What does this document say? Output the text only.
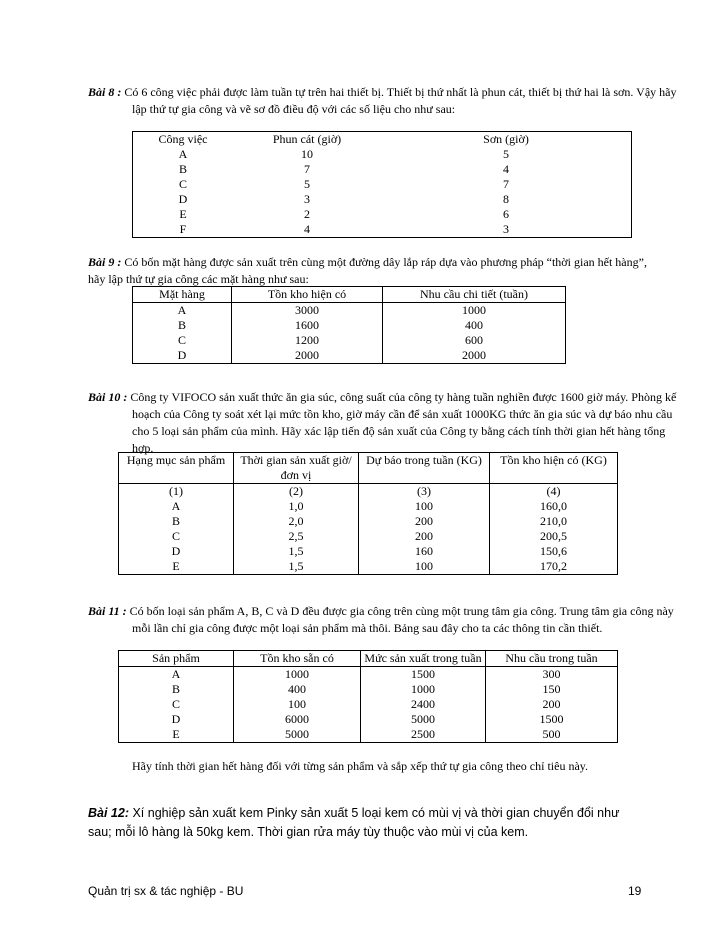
Bài 8 : Có 6 công việc phải được làm tuần tự trên hai thiết bị. Thiết bị thứ nhất là phun cát, thiết bị thứ hai là sơn. Vậy hãy lập thứ tự gia công và vẽ sơ đồ điều độ với các số liệu cho như sau:

Công việc	Phun cát (giờ)	Sơn (giờ)
A	10	5
B	7	4
C	5	7
D	3	8
E	2	6
F	4	3

Bài 9 : Có bốn mặt hàng được sản xuất trên cùng một đường dây lắp ráp dựa vào phương pháp “thời gian hết hàng”, hãy lập thứ tự gia công các mặt hàng như sau:

Mặt hàng	Tồn kho hiện có	Nhu cầu chi tiết (tuần)
A	3000	1000
B	1600	400
C	1200	600
D	2000	2000

Bài 10 : Công ty VIFOCO sản xuất thức ăn gia súc, công suất của công ty hàng tuần nghiền được 1600 giờ máy. Phòng kế hoạch của Công ty soát xét lại mức tồn kho, giờ máy cần để sản xuất 1000KG thức ăn gia súc và dự báo nhu cầu cho 5 loại sản phẩm của mình. Hãy xác lập tiến độ sản xuất của Công ty bằng cách tính thời gian hết hàng tổng hợp.

Hạng mục sản phẩm	Thời gian sản xuất giờ/đơn vị	Dự báo trong tuần (KG)	Tồn kho hiện có (KG)
(1)	(2)	(3)	(4)
A	1,0	100	160,0
B	2,0	200	210,0
C	2,5	200	200,5
D	1,5	160	150,6
E	1,5	100	170,2

Bài 11 : Có bốn loại sản phẩm A, B, C và D đều được gia công trên cùng một trung tâm gia công. Trung tâm gia công này mỗi lần chỉ gia công được một loại sản phẩm mà thôi. Bảng sau đây cho ta các thông tin cần thiết.

Sản phẩm	Tồn kho sẵn có	Mức sản xuất trong tuần	Nhu cầu trong tuần
A	1000	1500	300
B	400	1000	150
C	100	2400	200
D	6000	5000	1500
E	5000	2500	500

Hãy tính thời gian hết hàng đối với từng sản phẩm và sắp xếp thứ tự gia công theo chỉ tiêu này.

Bài 12: Xí nghiệp sản xuất kem Pinky sản xuất 5 loại kem có mùi vị và thời gian chuyển đổi như sau; mỗi lô hàng là 50kg kem. Thời gian rửa máy tùy thuộc vào mùi vị của kem.

Quản trị sx & tác nghiệp - BU	19
